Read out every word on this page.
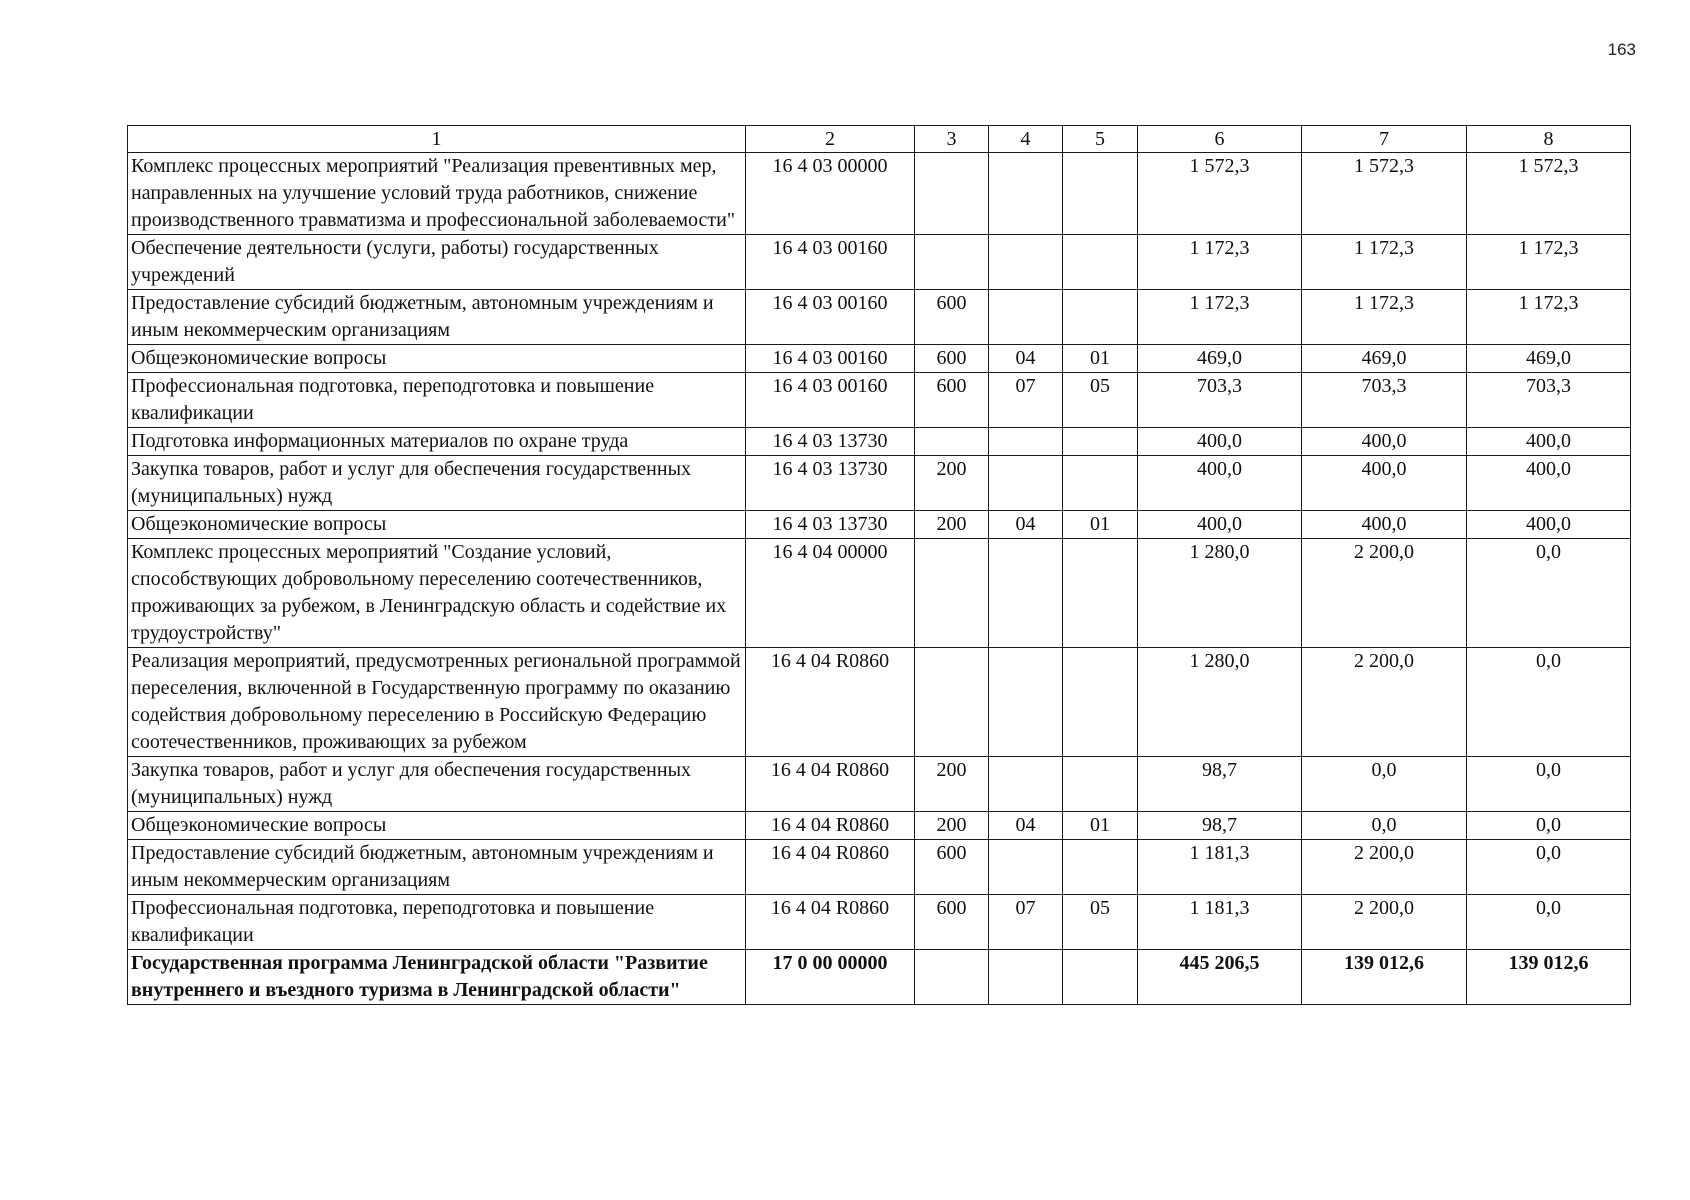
163
1	2	3	4	5	6	7	8
Комплекс процессных мероприятий "Реализация превентивных мер, направленных на улучшение условий труда работников, снижение производственного травматизма и профессиональной заболеваемости"	16 4 03 00000				1 572,3	1 572,3	1 572,3
Обеспечение деятельности (услуги, работы) государственных учреждений	16 4 03 00160				1 172,3	1 172,3	1 172,3
Предоставление субсидий бюджетным, автономным учреждениям и иным некоммерческим организациям	16 4 03 00160	600			1 172,3	1 172,3	1 172,3
Общеэкономические вопросы	16 4 03 00160	600	04	01	469,0	469,0	469,0
Профессиональная подготовка, переподготовка и повышение квалификации	16 4 03 00160	600	07	05	703,3	703,3	703,3
Подготовка информационных материалов по охране труда	16 4 03 13730				400,0	400,0	400,0
Закупка товаров, работ и услуг для обеспечения государственных (муниципальных) нужд	16 4 03 13730	200			400,0	400,0	400,0
Общеэкономические вопросы	16 4 03 13730	200	04	01	400,0	400,0	400,0
Комплекс процессных мероприятий "Создание условий, способствующих добровольному переселению соотечественников, проживающих за рубежом, в Ленинградскую область и содействие их трудоустройству"	16 4 04 00000				1 280,0	2 200,0	0,0
Реализация мероприятий, предусмотренных региональной программой переселения, включенной в Государственную программу по оказанию содействия добровольному переселению в Российскую Федерацию соотечественников, проживающих за рубежом	16 4 04 R0860				1 280,0	2 200,0	0,0
Закупка товаров, работ и услуг для обеспечения государственных (муниципальных) нужд	16 4 04 R0860	200			98,7	0,0	0,0
Общеэкономические вопросы	16 4 04 R0860	200	04	01	98,7	0,0	0,0
Предоставление субсидий бюджетным, автономным учреждениям и иным некоммерческим организациям	16 4 04 R0860	600			1 181,3	2 200,0	0,0
Профессиональная подготовка, переподготовка и повышение квалификации	16 4 04 R0860	600	07	05	1 181,3	2 200,0	0,0
Государственная программа Ленинградской области "Развитие внутреннего и въездного туризма в Ленинградской области"	17 0 00 00000				445 206,5	139 012,6	139 012,6
